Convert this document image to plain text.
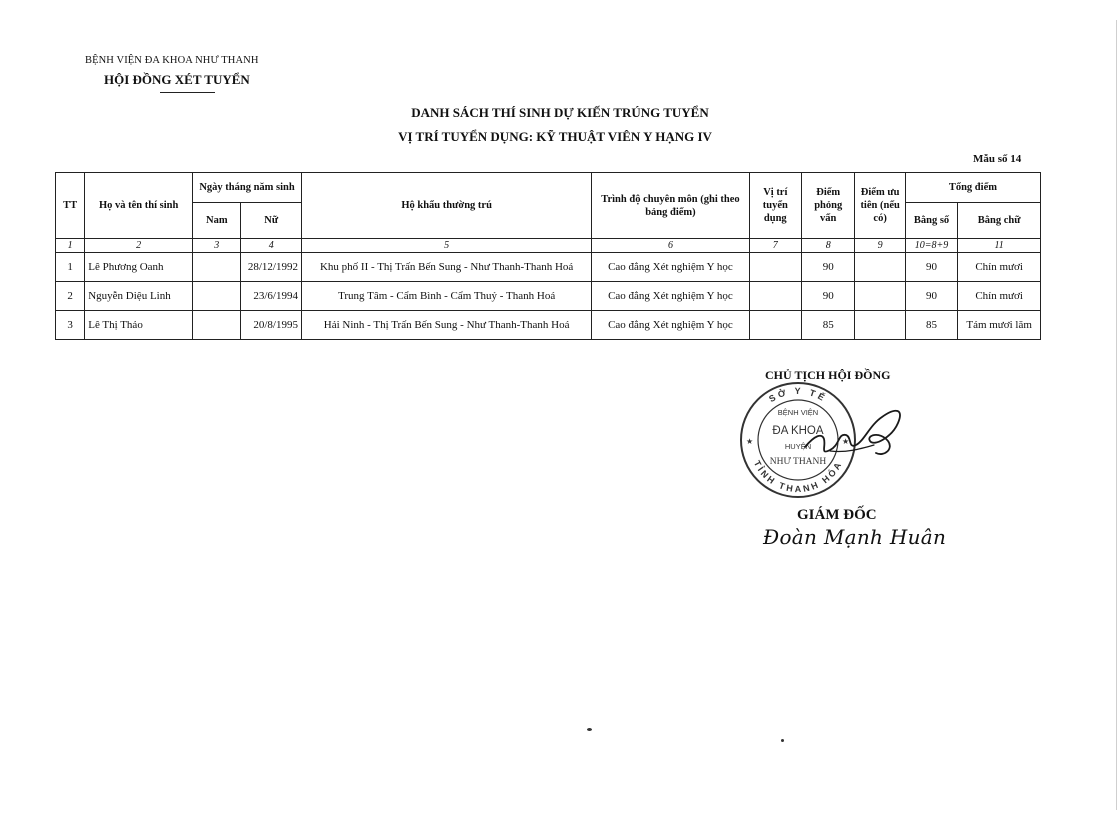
BỆNH VIỆN ĐA KHOA NHƯ THANH
HỘI ĐỒNG XÉT TUYỂN
DANH SÁCH THÍ SINH DỰ KIẾN TRÚNG TUYỂN
VỊ TRÍ TUYỂN DỤNG: KỸ THUẬT VIÊN Y HẠNG IV
Mẫu số 14
TT	Họ và tên thí sinh	Ngày tháng năm sinh		Hộ khẩu thường trú	Trình độ chuyên môn (ghi theo bảng điểm)	Vị trí tuyển dụng	Điểm phỏng vấn	Điểm ưu tiên (nếu có)	Tổng điểm	
		Nam	Nữ						Bằng số	Bằng chữ
1	2	3	4	5	6	7	8	9	10=8+9	11
1	Lê Phương Oanh		28/12/1992	Khu phố II - Thị Trấn Bến Sung - Như Thanh-Thanh Hoá	Cao đẳng Xét nghiệm Y học		90		90	Chín mươi
2	Nguyễn Diệu Linh		23/6/1994	Trung Tâm - Cẩm Bình - Cẩm Thuỷ - Thanh Hoá	Cao đẳng Xét nghiệm Y học		90		90	Chín mươi
3	Lê Thị Thảo		20/8/1995	Hải Ninh - Thị Trấn Bến Sung - Như Thanh-Thanh Hoá	Cao đẳng Xét nghiệm Y học		85		85	Tám mươi lăm
CHỦ TỊCH HỘI ĐỒNG
SỞ Y TẾ
TỈNH THANH HÓA
BỆNH VIỆN
ĐA KHOA
HUYỆN
NHƯ THANH
★	★
GIÁM ĐỐC
Đoàn Mạnh Huân
